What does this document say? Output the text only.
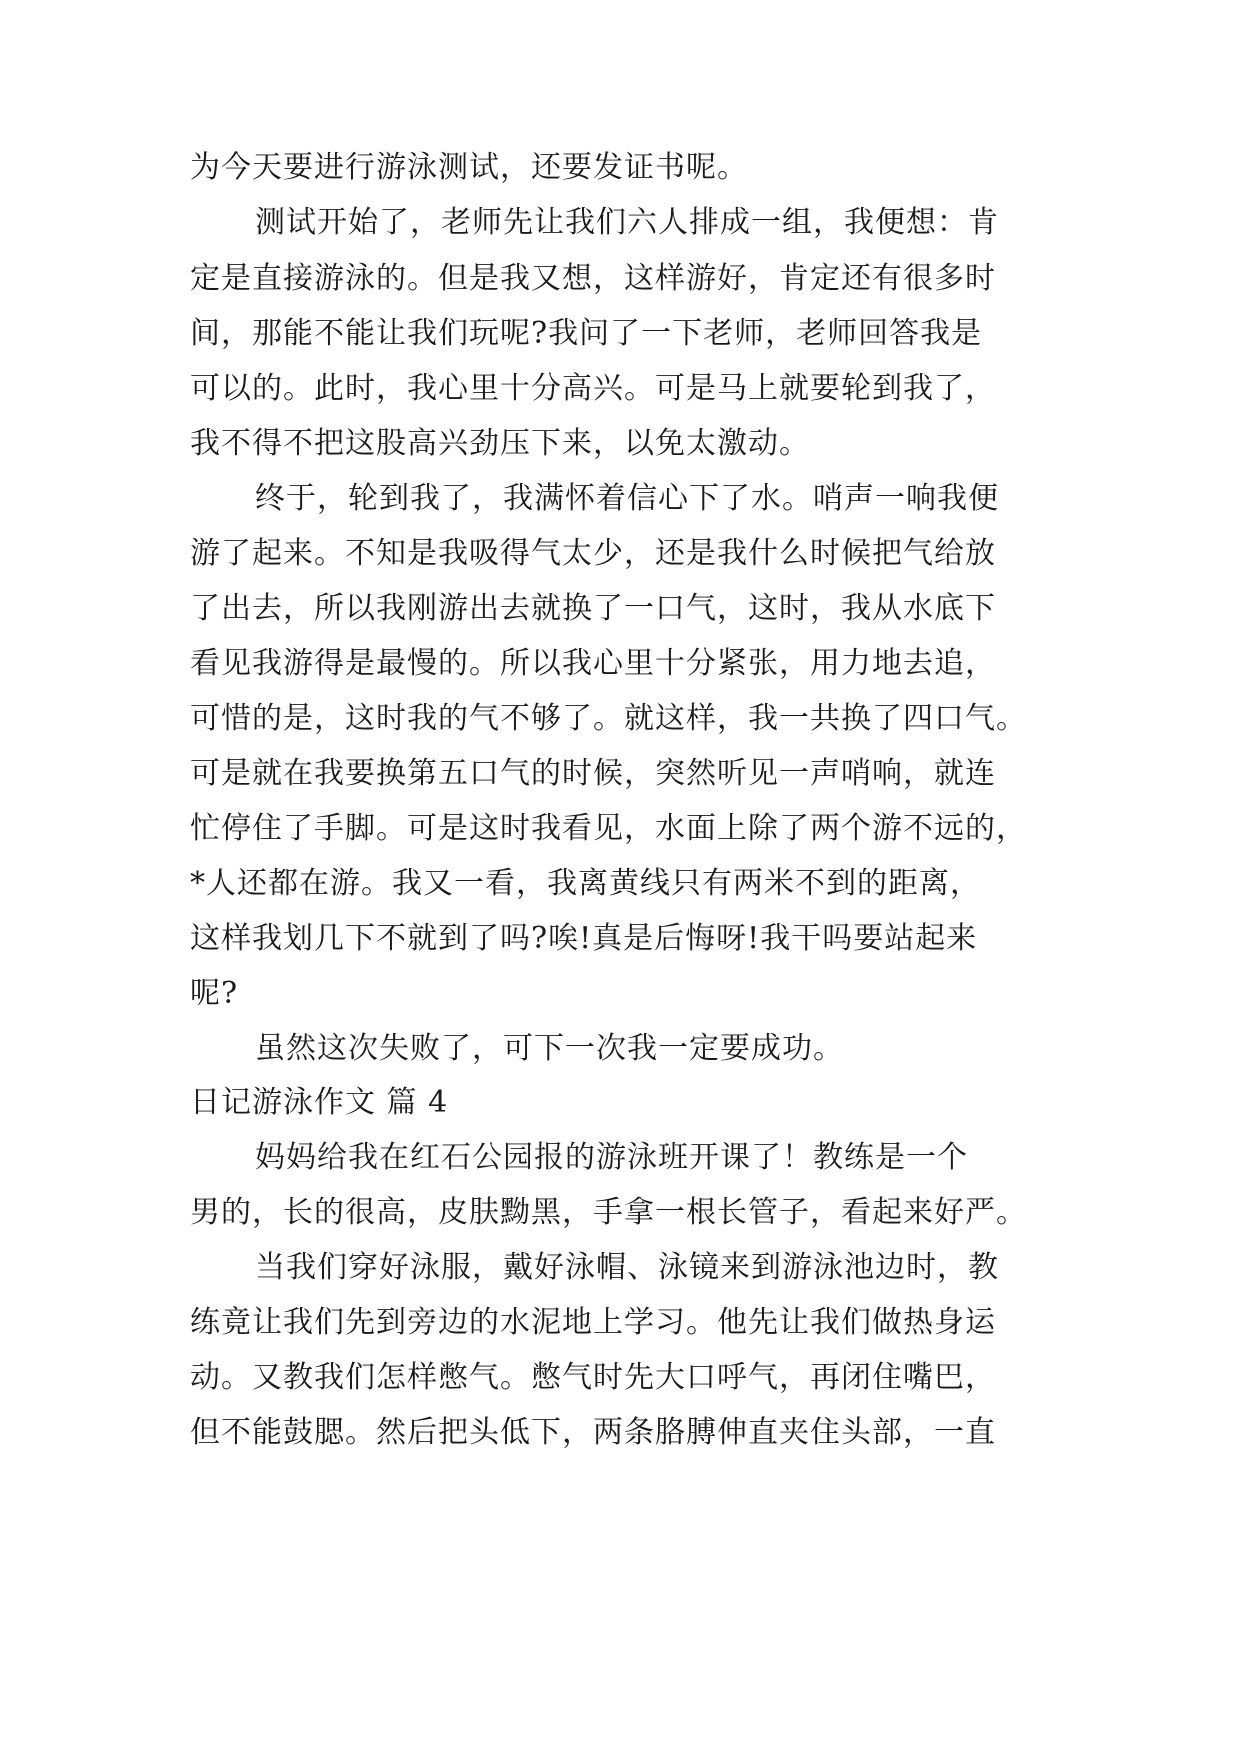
为今天要进行游泳测试，还要发证书呢。
测试开始了，老师先让我们六人排成一组，我便想：肯
定是直接游泳的。但是我又想，这样游好，肯定还有很多时
间，那能不能让我们玩呢?我问了一下老师，老师回答我是
可以的。此时，我心里十分高兴。可是马上就要轮到我了，
我不得不把这股高兴劲压下来，以免太激动。
终于，轮到我了，我满怀着信心下了水。哨声一响我便
游了起来。不知是我吸得气太少，还是我什么时候把气给放
了出去，所以我刚游出去就换了一口气，这时，我从水底下
看见我游得是最慢的。所以我心里十分紧张，用力地去追，
可惜的是，这时我的气不够了。就这样，我一共换了四口气。
可是就在我要换第五口气的时候，突然听见一声哨响，就连
忙停住了手脚。可是这时我看见，水面上除了两个游不远的，
*人还都在游。我又一看，我离黄线只有两米不到的距离，
这样我划几下不就到了吗?唉!真是后悔呀!我干吗要站起来
呢?
虽然这次失败了，可下一次我一定要成功。
日记游泳作文 篇 4
妈妈给我在红石公园报的游泳班开课了！教练是一个
男的，长的很高，皮肤黝黑，手拿一根长管子，看起来好严。
当我们穿好泳服，戴好泳帽、泳镜来到游泳池边时，教
练竟让我们先到旁边的水泥地上学习。他先让我们做热身运
动。又教我们怎样憋气。憋气时先大口呼气，再闭住嘴巴，
但不能鼓腮。然后把头低下，两条胳膊伸直夹住头部，一直
